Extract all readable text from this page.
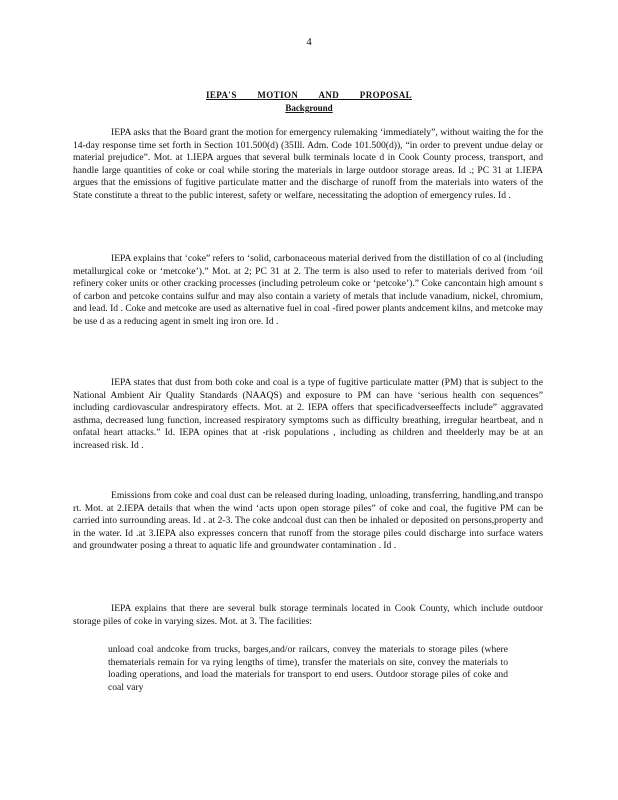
4
IEPA'S MOTION AND PROPOSAL
Background

IEPA asks that the Board grant the motion for emergency rulemaking ‘immediately”, without waiting the for the 14-day response time set forth in Section 101.500(d) (35Ill. Adm. Code 101.500(d)), “in order to prevent undue delay or material prejudice”. Mot. at 1.IEPA argues that several bulk terminals locate d in Cook County process, transport, and handle large quantities of coke or coal while storing the materials in large outdoor storage areas. Id .; PC 31 at 1.IEPA argues that the emissions of fugitive particulate matter and the discharge of runoff from the materials into waters of the State constitute a threat to the public interest, safety or welfare, necessitating the adoption of emergency rules. Id .

IEPA explains that ‘coke” refers to ‘solid, carbonaceous material derived from the distillation of co al (including metallurgical coke or ‘metcoke’).” Mot. at 2; PC 31 at 2. The term is also used to refer to materials derived from ‘oil refinery coker units or other cracking processes (including petroleum coke or ‘petcoke’).” Coke cancontain high amount s of carbon and petcoke contains sulfur and may also contain a variety of metals that include vanadium, nickel, chromium, and lead. Id . Coke and metcoke are used as alternative fuel in coal -fired power plants andcement kilns, and metcoke may be use d as a reducing agent in smelt ing iron ore. Id .

IEPA states that dust from both coke and coal is a type of fugitive particulate matter (PM) that is subject to the National Ambient Air Quality Standards (NAAQS) and exposure to PM can have ‘serious health con sequences” including cardiovascular andrespiratory effects. Mot. at 2. IEPA offers that specificadverseeffects include” aggravated asthma, decreased lung function, increased respiratory symptoms such as difficulty breathing, irregular heartbeat, and n onfatal heart attacks.” Id. IEPA opines that at -risk populations , including as children and theelderly may be at an increased risk. Id .

Emissions from coke and coal dust can be released during loading, unloading, transferring, handling,and transpo rt. Mot. at 2.IEPA details that when the wind ‘acts upon open storage piles” of coke and coal, the fugitive PM can be carried into surrounding areas. Id . at 2-3. The coke andcoal dust can then be inhaled or deposited on persons,property and in the water. Id .at 3.IEPA also expresses concern that runoff from the storage piles could discharge into surface waters and groundwater posing a threat to aquatic life and groundwater contamination . Id .

IEPA explains that there are several bulk storage terminals located in Cook County, which include outdoor storage piles of coke in varying sizes. Mot. at 3. The facilities:

unload coal andcoke from trucks, barges,and/or railcars, convey the materials to storage piles (where thematerials remain for va rying lengths of time), transfer the materials on site, convey the materials to loading operations, and load the materials for transport to end users. Outdoor storage piles of coke and coal vary
